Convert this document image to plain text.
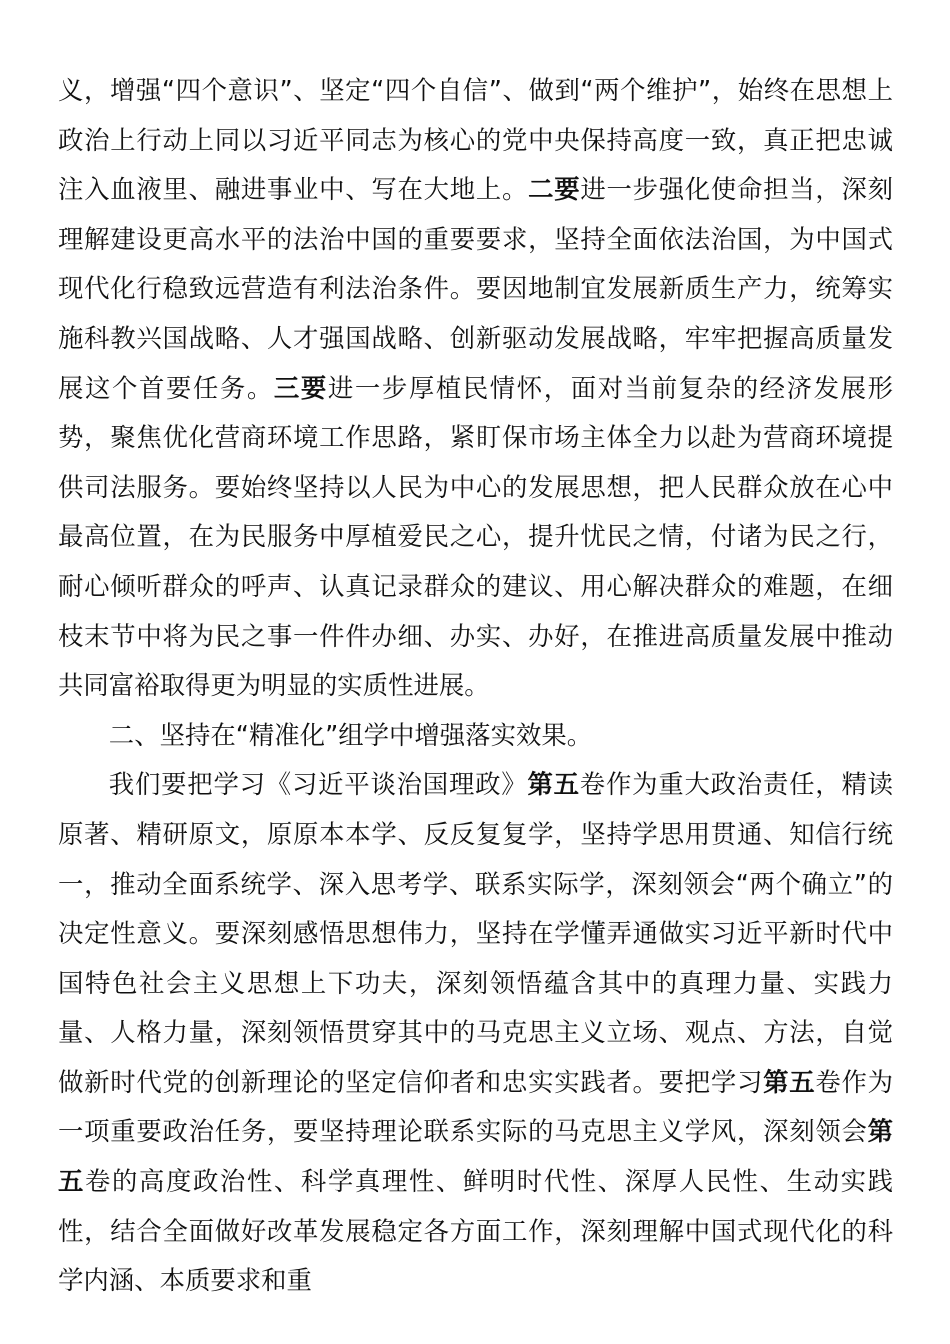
义，增强“四个意识”、坚定“四个自信”、做到“两个维护”，始终在思想上政治上行动上同以习近平同志为核心的党中央保持高度一致，真正把忠诚注入血液里、融进事业中、写在大地上。二要进一步强化使命担当，深刻理解建设更高水平的法治中国的重要要求，坚持全面依法治国，为中国式现代化行稳致远营造有利法治条件。要因地制宜发展新质生产力，统筹实施科教兴国战略、人才强国战略、创新驱动发展战略，牢牢把握高质量发展这个首要任务。三要进一步厚植民情怀，面对当前复杂的经济发展形势，聚焦优化营商环境工作思路，紧盯保市场主体全力以赴为营商环境提供司法服务。要始终坚持以人民为中心的发展思想，把人民群众放在心中最高位置，在为民服务中厚植爱民之心，提升忧民之情，付诸为民之行，耐心倾听群众的呼声、认真记录群众的建议、用心解决群众的难题，在细枝末节中将为民之事一件件办细、办实、办好，在推进高质量发展中推动共同富裕取得更为明显的实质性进展。

二、坚持在“精准化”组学中增强落实效果。

我们要把学习《习近平谈治国理政》第五卷作为重大政治责任，精读原著、精研原文，原原本本学、反反复复学，坚持学思用贯通、知信行统一，推动全面系统学、深入思考学、联系实际学，深刻领会“两个确立”的决定性意义。要深刻感悟思想伟力，坚持在学懂弄通做实习近平新时代中国特色社会主义思想上下功夫，深刻领悟蕴含其中的真理力量、实践力量、人格力量，深刻领悟贯穿其中的马克思主义立场、观点、方法，自觉做新时代党的创新理论的坚定信仰者和忠实实践者。要把学习第五卷作为一项重要政治任务，要坚持理论联系实际的马克思主义学风，深刻领会第五卷的高度政治性、科学真理性、鲜明时代性、深厚人民性、生动实践性，结合全面做好改革发展稳定各方面工作，深刻理解中国式现代化的科学内涵、本质要求和重
